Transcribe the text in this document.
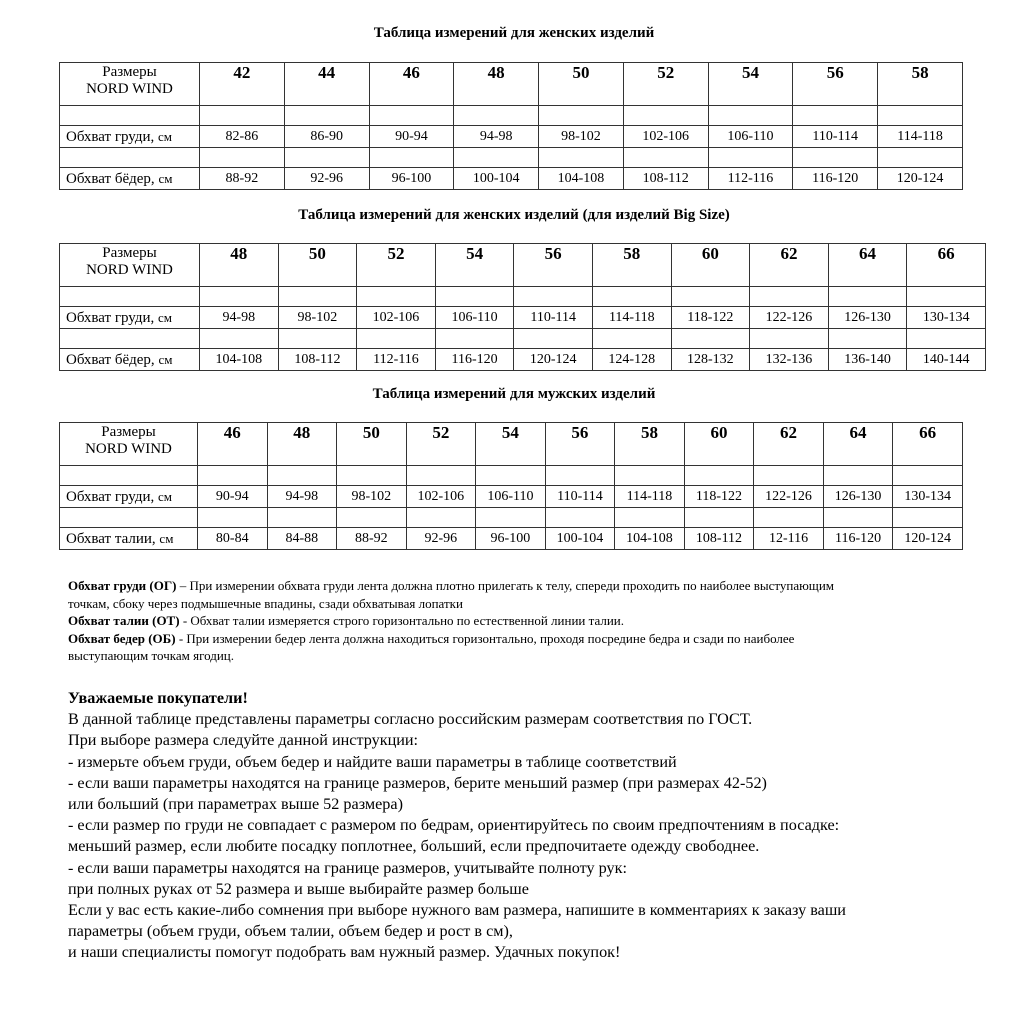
Таблица измерений для женских изделий
Размеры
NORD WIND	42	44	46	48	50	52	54	56	58

Обхват груди, см	82-86	86-90	90-94	94-98	98-102	102-106	106-110	110-114	114-118

Обхват бёдер, см	88-92	92-96	96-100	100-104	104-108	108-112	112-116	116-120	120-124
Таблица измерений для женских изделий (для изделий Big Size)
Размеры
NORD WIND	48	50	52	54	56	58	60	62	64	66

Обхват груди, см	94-98	98-102	102-106	106-110	110-114	114-118	118-122	122-126	126-130	130-134

Обхват бёдер, см	104-108	108-112	112-116	116-120	120-124	124-128	128-132	132-136	136-140	140-144
Таблица измерений для мужских изделий
Размеры
NORD WIND	46	48	50	52	54	56	58	60	62	64	66

Обхват груди, см	90-94	94-98	98-102	102-106	106-110	110-114	114-118	118-122	122-126	126-130	130-134

Обхват талии, см	80-84	84-88	88-92	92-96	96-100	100-104	104-108	108-112	12-116	116-120	120-124
Обхват груди (ОГ) – При измерении обхвата груди лента должна плотно прилегать к телу, спереди проходить по наиболее выступающим
точкам, сбоку через подмышечные впадины, сзади обхватывая лопатки
Обхват талии (ОТ) - Обхват талии измеряется строго горизонтально по естественной линии талии.
Обхват бедер (ОБ) - При измерении бедер лента должна находиться горизонтально, проходя посредине бедра и сзади по наиболее
выступающим точкам ягодиц.
Уважаемые покупатели!
В данной таблице представлены параметры согласно российским размерам соответствия по ГОСТ.
При выборе размера следуйте данной инструкции:
- измерьте объем груди, объем бедер и найдите ваши параметры в таблице соответствий
- если ваши параметры находятся на границе размеров, берите меньший размер (при размерах 42-52)
или больший (при параметрах выше 52 размера)
- если размер по груди не совпадает с размером по бедрам, ориентируйтесь по своим предпочтениям в посадке:
меньший размер, если любите посадку поплотнее, больший, если предпочитаете одежду свободнее.
- если ваши параметры находятся на границе размеров, учитывайте полноту рук:
при полных руках от 52 размера и выше выбирайте размер больше
Если у вас есть какие-либо сомнения при выборе нужного вам размера, напишите в комментариях к заказу ваши
параметры (объем груди, объем талии, объем бедер и рост в см),
и наши специалисты помогут подобрать вам нужный размер. Удачных покупок!
